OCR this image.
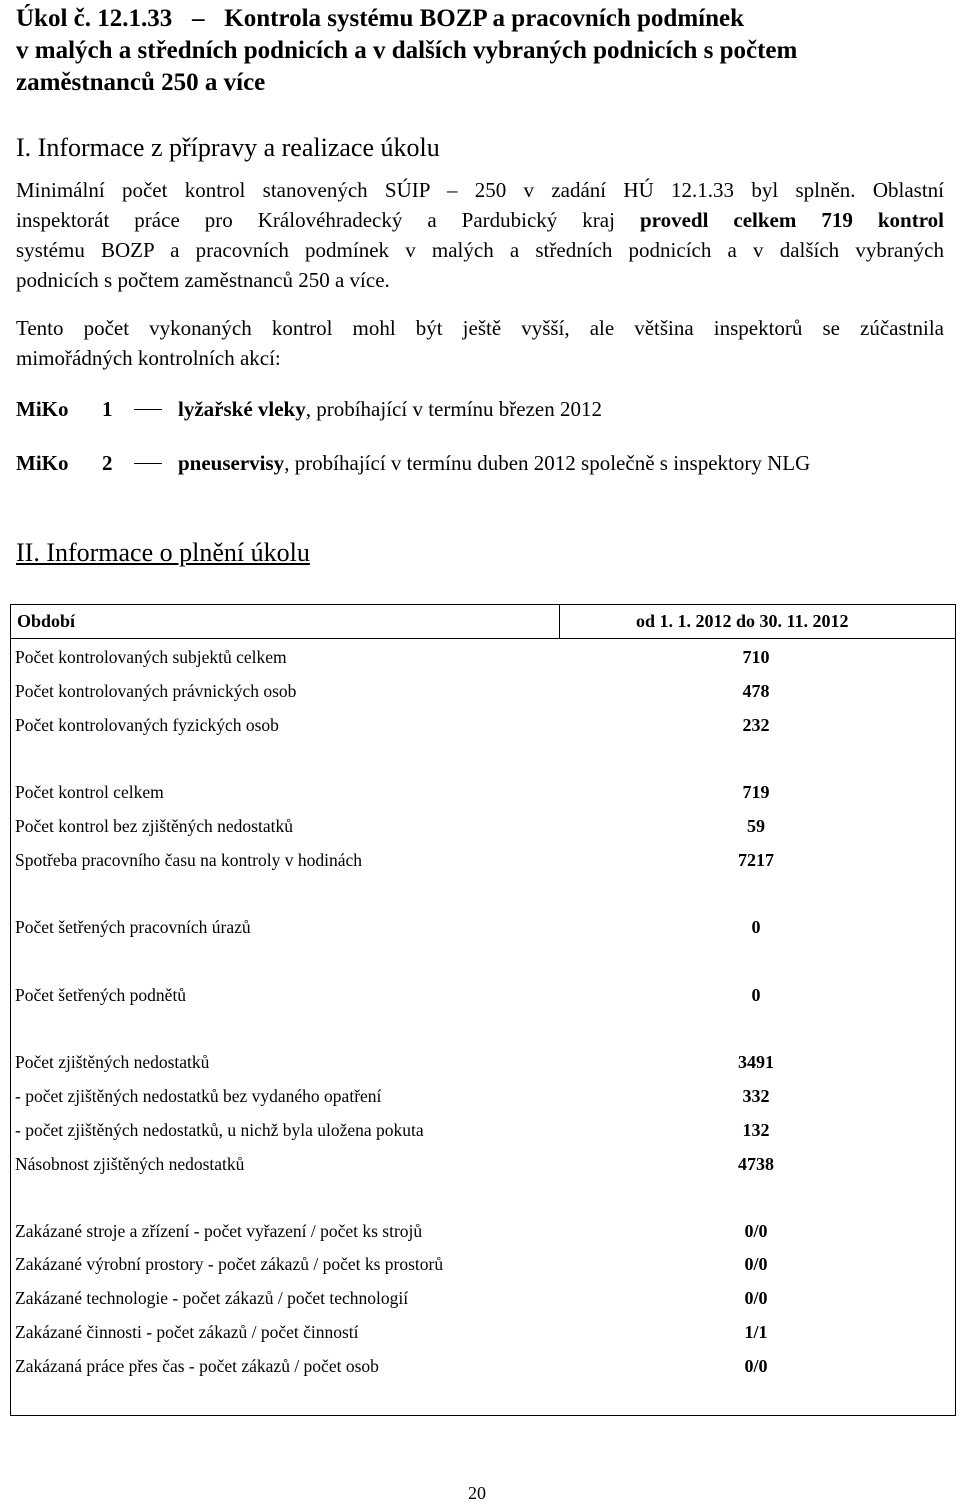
Úkol č. 12.1.33 – Kontrola systému BOZP a pracovních podmínek
v malých a středních podnicích a v dalších vybraných podnicích s počtem
zaměstnanců 250 a více
I. Informace z přípravy a realizace úkolu
Minimální počet kontrol stanovených SÚIP – 250 v zadání HÚ 12.1.33 byl splněn. Oblastní
inspektorát práce pro Královéhradecký a Pardubický kraj provedl celkem 719 kontrol
systému BOZP a pracovních podmínek v malých a středních podnicích a v dalších vybraných
podnicích s počtem zaměstnanců 250 a více.
Tento počet vykonaných kontrol mohl být ještě vyšší, ale většina inspektorů se zúčastnila
mimořádných kontrolních akcí:
MiKo 1	lyžařské vleky, probíhající v termínu březen 2012
MiKo 2	pneuservisy, probíhající v termínu duben 2012 společně s inspektory NLG
II. Informace o plnění úkolu
Období	od 1. 1. 2012 do 30. 11. 2012
Počet kontrolovaných subjektů celkem	710
Počet kontrolovaných právnických osob	478
Počet kontrolovaných fyzických osob	232
Počet kontrol celkem	719
Počet kontrol bez zjištěných nedostatků	59
Spotřeba pracovního času na kontroly v hodinách	7217
Počet šetřených pracovních úrazů	0
Počet šetřených podnětů	0
Počet zjištěných nedostatků	3491
- počet zjištěných nedostatků bez vydaného opatření	332
- počet zjištěných nedostatků, u nichž byla uložena pokuta	132
Násobnost zjištěných nedostatků	4738
Zakázané stroje a zřízení - počet vyřazení / počet ks strojů	0/0
Zakázané výrobní prostory - počet zákazů / počet ks prostorů	0/0
Zakázané technologie - počet zákazů / počet technologií	0/0
Zakázané činnosti - počet zákazů / počet činností	1/1
Zakázaná práce přes čas - počet zákazů / počet osob	0/0
20
